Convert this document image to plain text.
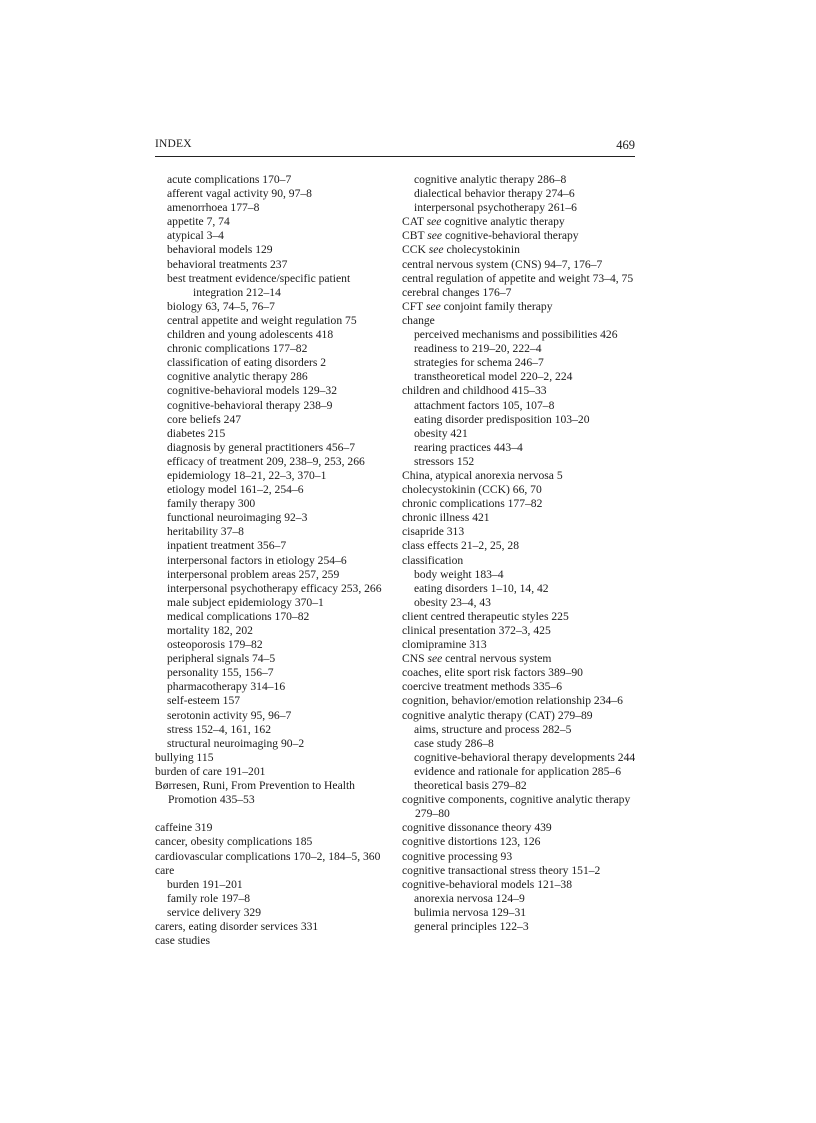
INDEX	469
acute complications 170–7
afferent vagal activity 90, 97–8
amenorrhoea 177–8
appetite 7, 74
atypical 3–4
behavioral models 129
behavioral treatments 237
best treatment evidence/specific patient integration 212–14
biology 63, 74–5, 76–7
central appetite and weight regulation 75
children and young adolescents 418
chronic complications 177–82
classification of eating disorders 2
cognitive analytic therapy 286
cognitive-behavioral models 129–32
cognitive-behavioral therapy 238–9
core beliefs 247
diabetes 215
diagnosis by general practitioners 456–7
efficacy of treatment 209, 238–9, 253, 266
epidemiology 18–21, 22–3, 370–1
etiology model 161–2, 254–6
family therapy 300
functional neuroimaging 92–3
heritability 37–8
inpatient treatment 356–7
interpersonal factors in etiology 254–6
interpersonal problem areas 257, 259
interpersonal psychotherapy efficacy 253, 266
male subject epidemiology 370–1
medical complications 170–82
mortality 182, 202
osteoporosis 179–82
peripheral signals 74–5
personality 155, 156–7
pharmacotherapy 314–16
self-esteem 157
serotonin activity 95, 96–7
stress 152–4, 161, 162
structural neuroimaging 90–2
bullying 115
burden of care 191–201
Børresen, Runi, From Prevention to Health Promotion 435–53
caffeine 319
cancer, obesity complications 185
cardiovascular complications 170–2, 184–5, 360
care
burden 191–201
family role 197–8
service delivery 329
carers, eating disorder services 331
case studies
cognitive analytic therapy 286–8
dialectical behavior therapy 274–6
interpersonal psychotherapy 261–6
CAT see cognitive analytic therapy
CBT see cognitive-behavioral therapy
CCK see cholecystokinin
central nervous system (CNS) 94–7, 176–7
central regulation of appetite and weight 73–4, 75
cerebral changes 176–7
CFT see conjoint family therapy
change
perceived mechanisms and possibilities 426
readiness to 219–20, 222–4
strategies for schema 246–7
transtheoretical model 220–2, 224
children and childhood 415–33
attachment factors 105, 107–8
eating disorder predisposition 103–20
obesity 421
rearing practices 443–4
stressors 152
China, atypical anorexia nervosa 5
cholecystokinin (CCK) 66, 70
chronic complications 177–82
chronic illness 421
cisapride 313
class effects 21–2, 25, 28
classification
body weight 183–4
eating disorders 1–10, 14, 42
obesity 23–4, 43
client centred therapeutic styles 225
clinical presentation 372–3, 425
clomipramine 313
CNS see central nervous system
coaches, elite sport risk factors 389–90
coercive treatment methods 335–6
cognition, behavior/emotion relationship 234–6
cognitive analytic therapy (CAT) 279–89
aims, structure and process 282–5
case study 286–8
cognitive-behavioral therapy developments 244
evidence and rationale for application 285–6
theoretical basis 279–82
cognitive components, cognitive analytic therapy 279–80
cognitive dissonance theory 439
cognitive distortions 123, 126
cognitive processing 93
cognitive transactional stress theory 151–2
cognitive-behavioral models 121–38
anorexia nervosa 124–9
bulimia nervosa 129–31
general principles 122–3
